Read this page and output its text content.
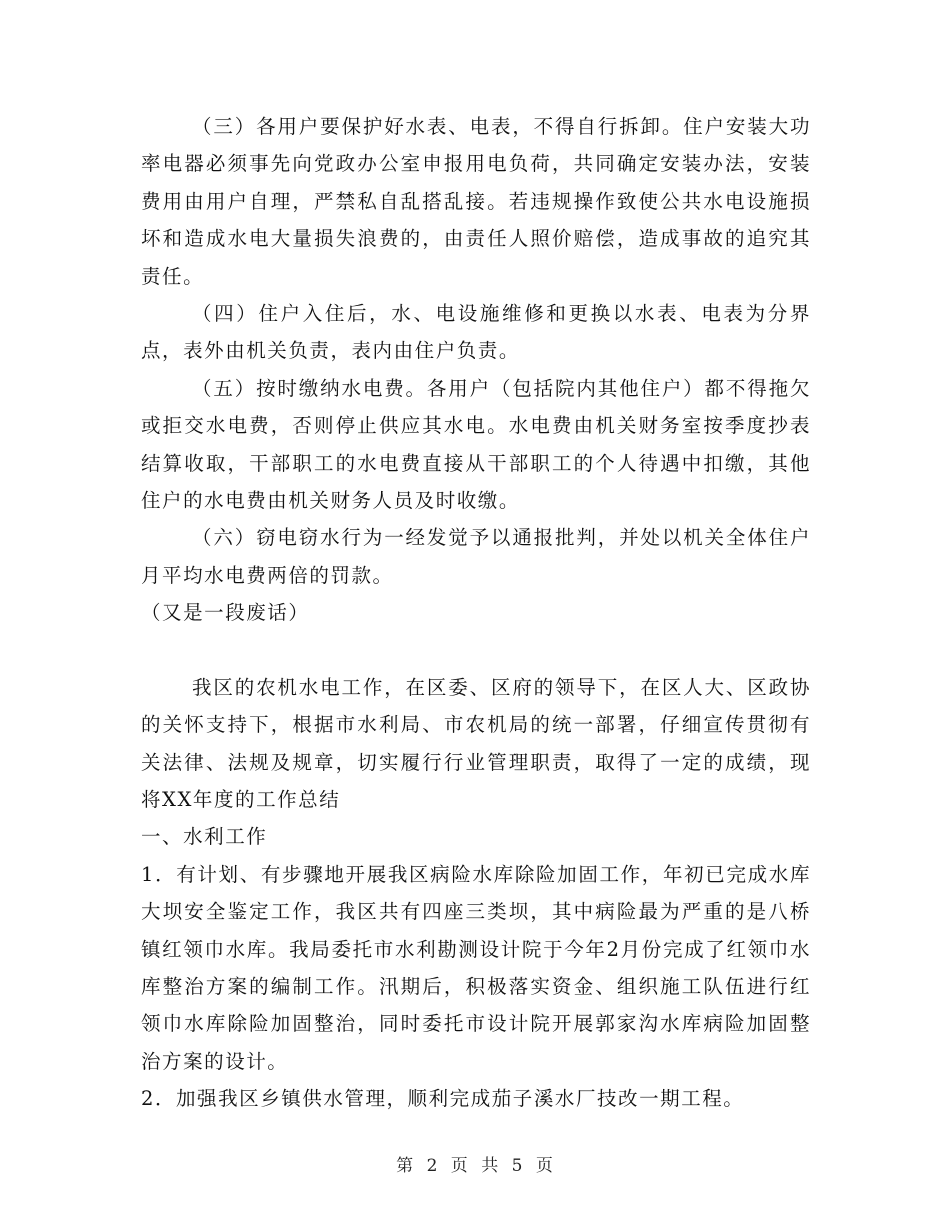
（三）各用户要保护好水表、电表，不得自行拆卸。住户安装大功率电器必须事先向党政办公室申报用电负荷，共同确定安装办法，安装费用由用户自理，严禁私自乱搭乱接。若违规操作致使公共水电设施损坏和造成水电大量损失浪费的，由责任人照价赔偿，造成事故的追究其责任。

（四）住户入住后，水、电设施维修和更换以水表、电表为分界点，表外由机关负责，表内由住户负责。

（五）按时缴纳水电费。各用户（包括院内其他住户）都不得拖欠或拒交水电费，否则停止供应其水电。水电费由机关财务室按季度抄表结算收取，干部职工的水电费直接从干部职工的个人待遇中扣缴，其他住户的水电费由机关财务人员及时收缴。

（六）窃电窃水行为一经发觉予以通报批判，并处以机关全体住户月平均水电费两倍的罚款。

（又是一段废话）

我区的农机水电工作，在区委、区府的领导下，在区人大、区政协的关怀支持下，根据市水利局、市农机局的统一部署，仔细宣传贯彻有关法律、法规及规章，切实履行行业管理职责，取得了一定的成绩，现将XX年度的工作总结

一、水利工作

1．有计划、有步骤地开展我区病险水库除险加固工作，年初已完成水库大坝安全鉴定工作，我区共有四座三类坝，其中病险最为严重的是八桥镇红领巾水库。我局委托市水利勘测设计院于今年2月份完成了红领巾水库整治方案的编制工作。汛期后，积极落实资金、组织施工队伍进行红领巾水库除险加固整治，同时委托市设计院开展郭家沟水库病险加固整治方案的设计。

2．加强我区乡镇供水管理，顺利完成茄子溪水厂技改一期工程。

第 2 页 共 5 页
